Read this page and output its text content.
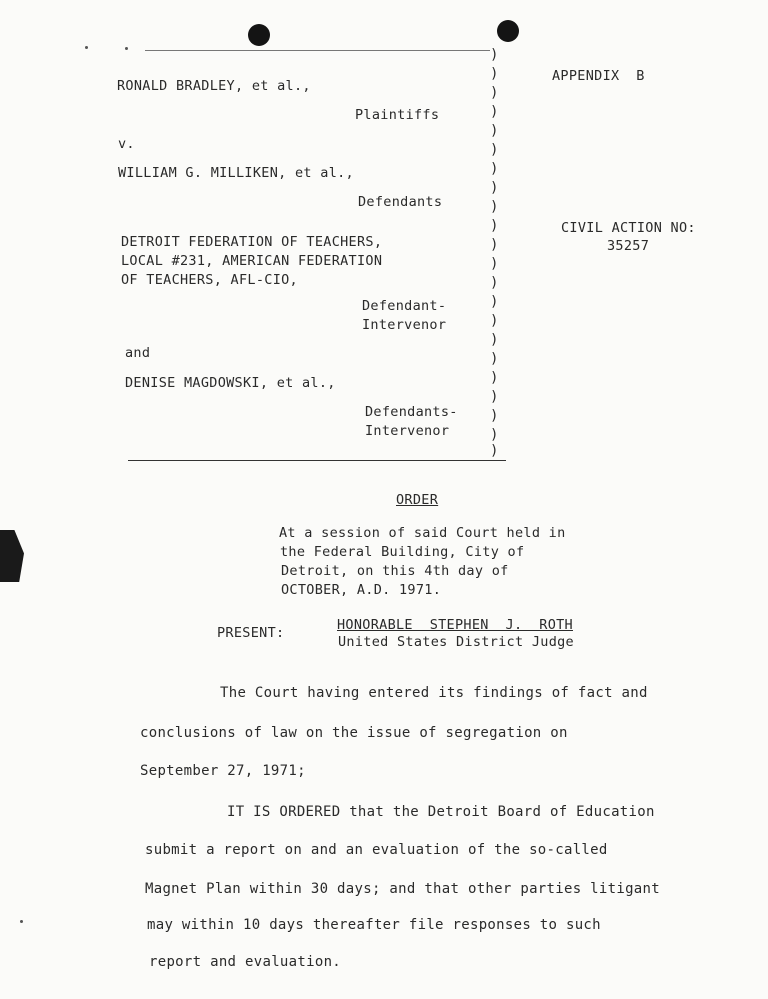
)
)
)
)
)
)
)
)
)
)
)
)
)
)
)
)
)
)
)
)
)
)
RONALD BRADLEY, et al.,
Plaintiffs
v.
WILLIAM G. MILLIKEN, et al.,
Defendants
DETROIT FEDERATION OF TEACHERS,
LOCAL #231, AMERICAN FEDERATION
OF TEACHERS, AFL-CIO,
Defendant-
Intervenor
and
DENISE MAGDOWSKI, et al.,
Defendants-
Intervenor
APPENDIX  B
CIVIL ACTION NO:
35257
ORDER
At a session of said Court held in
the Federal Building, City of
Detroit, on this 4th day of
OCTOBER, A.D. 1971.
PRESENT:	HONORABLE  STEPHEN  J.  ROTH
United States District Judge
The Court having entered its findings of fact and
conclusions of law on the issue of segregation on
September 27, 1971;
IT IS ORDERED that the Detroit Board of Education
submit a report on and an evaluation of the so-called
Magnet Plan within 30 days; and that other parties litigant
may within 10 days thereafter file responses to such
report and evaluation.
